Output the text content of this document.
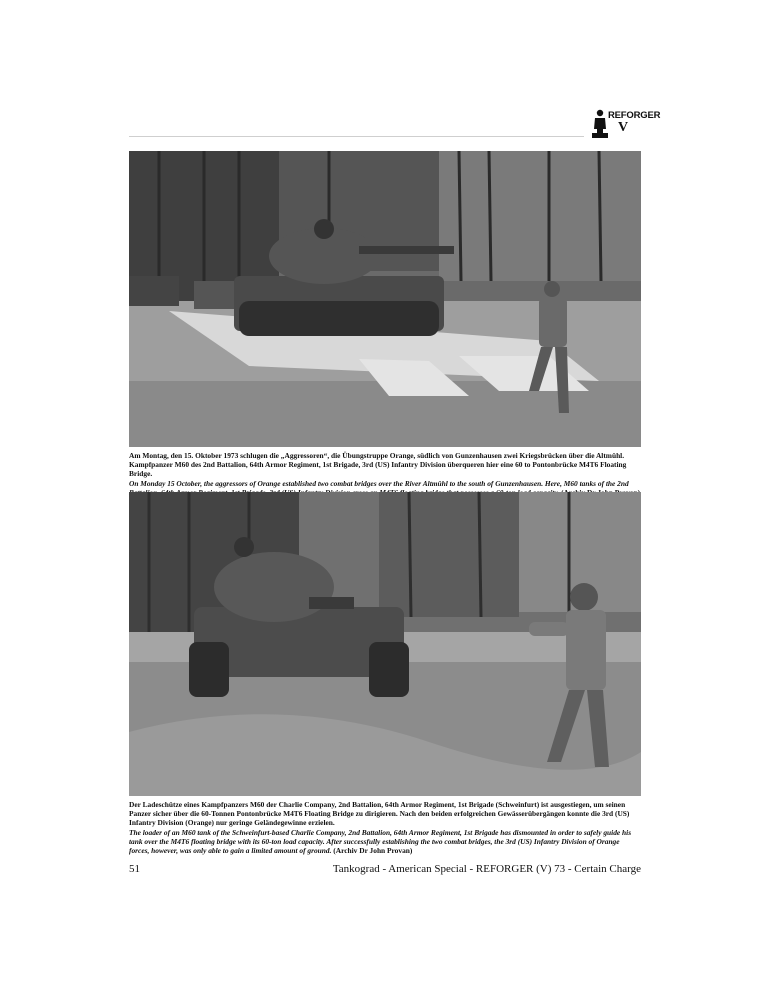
REFORGER
V

Am Montag, den 15. Oktober 1973 schlugen die „Aggressoren“, die Übungstruppe Orange, südlich von Gunzenhausen zwei Kriegsbrücken über die Altmühl. Kampfpanzer M60 des 2nd Battalion, 64th Armor Regiment, 1st Brigade, 3rd (US) Infantry Division überqueren hier eine 60 to Pontonbrücke M4T6 Floating Bridge.

On Monday 15 October, the aggressors of Orange established two combat bridges over the River Altmühl to the south of Gunzenhausen. Here, M60 tanks of the 2nd

Der Ladeschütze eines Kampfpanzers M60 der Charlie Company, 2nd Battalion, 64th Armor Regiment, 1st Brigade (Schweinfurt) ist ausgestiegen, um seinen Panzer sicher über die 60-Tonnen Pontonbrücke M4T6 Floating Bridge zu dirigieren. Nach den beiden erfolgreichen Gewässerübergängen konnte die 3rd (US) Infantry Division (Orange) nur geringe Geländegewinne erzielen.

The loader of an M60 tank of the Schweinfurt-based Charlie Company, 2nd Battalion, 64th Armor Regiment, 1st Brigade has dismounted in order to safely guide his tank over the M4T6 floating bridge with its 60-ton load capacity. After successfully establishing the two combat bridges, the 3rd (US) Infantry Division of Orange forces, however, was only able to gain a limited amount of ground. (Archiv Dr John Provan)

51	Tankograd - American Special - REFORGER (V) 73 - Certain Charge
